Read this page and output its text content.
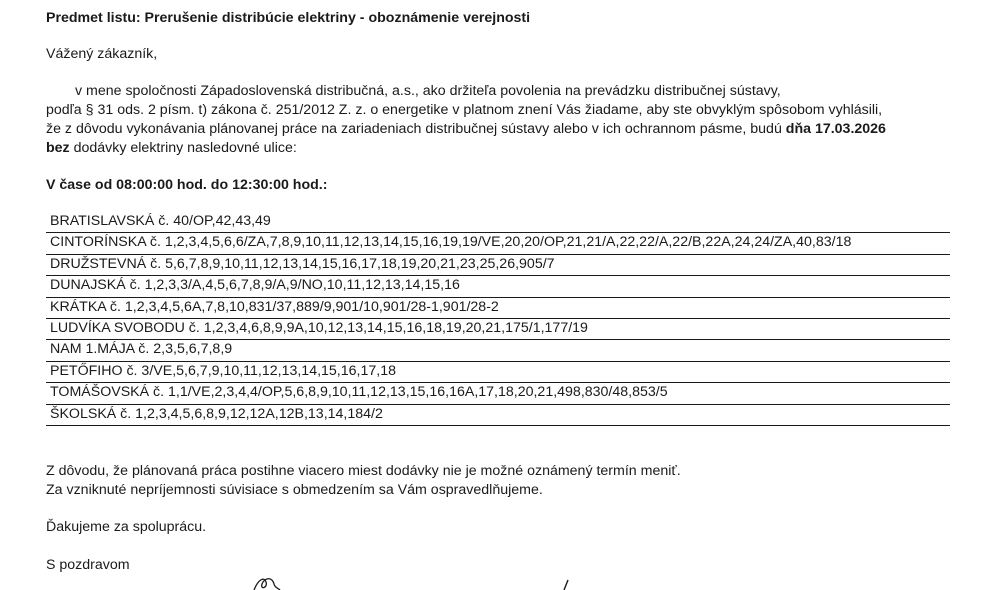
Predmet listu: Prerušenie distribúcie elektriny - oboznámenie verejnosti
Vážený zákazník,
v mene spoločnosti Západoslovenská distribučná, a.s., ako držiteľa povolenia na prevádzku distribučnej sústavy,
podľa § 31 ods. 2 písm. t) zákona č. 251/2012 Z. z. o energetike v platnom znení Vás žiadame, aby ste obvyklým spôsobom vyhlásili,
že z dôvodu vykonávania plánovanej práce na zariadeniach distribučnej sústavy alebo v ich ochrannom pásme, budú dňa 17.03.2026
bez dodávky elektriny nasledovné ulice:
V čase od 08:00:00 hod. do 12:30:00 hod.:
BRATISLAVSKÁ č. 40/OP,42,43,49
CINTORÍNSKA č. 1,2,3,4,5,6,6/ZA,7,8,9,10,11,12,13,14,15,16,19,19/VE,20,20/OP,21,21/A,22,22/A,22/B,22A,24,24/ZA,40,83/18
DRUŽSTEVNÁ č. 5,6,7,8,9,10,11,12,13,14,15,16,17,18,19,20,21,23,25,26,905/7
DUNAJSKÁ č. 1,2,3,3/A,4,5,6,7,8,9/A,9/NO,10,11,12,13,14,15,16
KRÁTKA č. 1,2,3,4,5,6A,7,8,10,831/37,889/9,901/10,901/28-1,901/28-2
LUDVÍKA SVOBODU č. 1,2,3,4,6,8,9,9A,10,12,13,14,15,16,18,19,20,21,175/1,177/19
NAM 1.MÁJA č. 2,3,5,6,7,8,9
PETŐFIHO č. 3/VE,5,6,7,9,10,11,12,13,14,15,16,17,18
TOMÁŠOVSKÁ č. 1,1/VE,2,3,4,4/OP,5,6,8,9,10,11,12,13,15,16,16A,17,18,20,21,498,830/48,853/5
ŠKOLSKÁ č. 1,2,3,4,5,6,8,9,12,12A,12B,13,14,184/2
Z dôvodu, že plánovaná práca postihne viacero miest dodávky nie je možné oznámený termín meniť.
Za vzniknuté nepríjemnosti súvisiace s obmedzením sa Vám ospravedlňujeme.
Ďakujeme za spoluprácu.
S pozdravom
